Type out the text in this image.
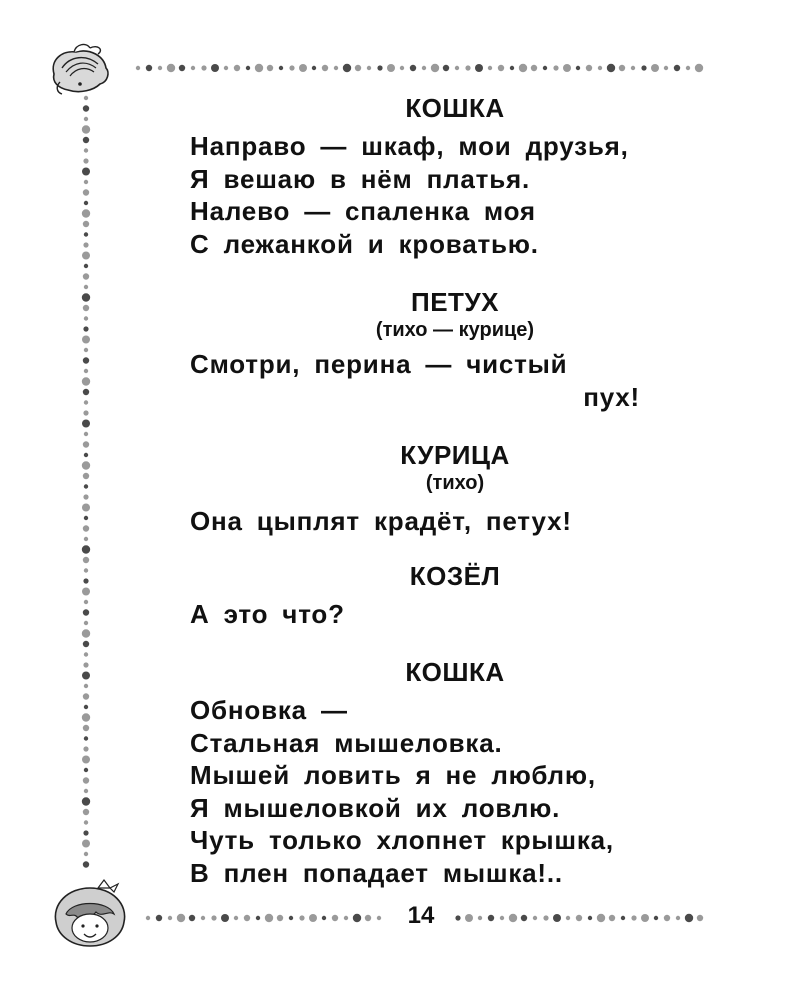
КОШКА

Направо — шкаф, мои друзья,

Я вешаю в нём платья.

Налево — спаленка моя

С лежанкой и кроватью.

ПЕТУХ

(тихо — курице)

Смотри, перина — чистый

пух!

КУРИЦА

(тихо)

Она цыплят крадёт, петух!

КОЗЁЛ

А это что?

КОШКА

Обновка —

Стальная мышеловка.

Мышей ловить я не люблю,

Я мышеловкой их ловлю.

Чуть только хлопнет крышка,

В плен попадает мышка!..

14
